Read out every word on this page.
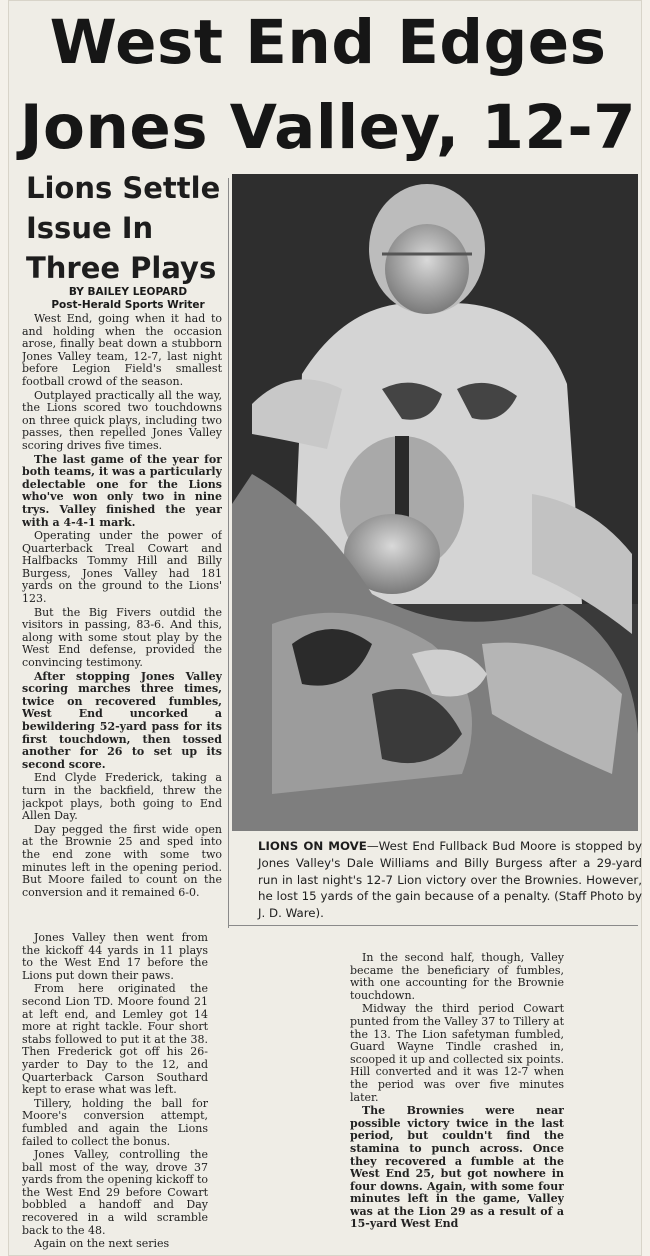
West End Edges
Jones Valley, 12-7
Lions Settle
Issue In
Three Plays
BY BAILEY LEOPARD
Post-Herald Sports Writer

West End, going when it had to and holding when the occasion arose, finally beat down a stubborn Jones Valley team, 12-7, last night before Legion Field's smallest football crowd of the season.

Outplayed practically all the way, the Lions scored two touchdowns on three quick plays, including two passes, then repelled Jones Valley scoring drives five times.

The last game of the year for both teams, it was a particularly delectable one for the Lions who've won only two in nine trys. Valley finished the year with a 4-4-1 mark.

Operating under the power of Quarterback Treal Cowart and Halfbacks Tommy Hill and Billy Burgess, Jones Valley had 181 yards on the ground to the Lions' 123.

But the Big Fivers outdid the visitors in passing, 83-6. And this, along with some stout play by the West End defense, provided the convincing testimony.

After stopping Jones Valley scoring marches three times, twice on recovered fumbles, West End uncorked a bewildering 52-yard pass for its first touchdown, then tossed another for 26 to set up its second score.

End Clyde Frederick, taking a turn in the backfield, threw the jackpot plays, both going to End Allen Day.

Day pegged the first wide open at the Brownie 25 and sped into the end zone with some two minutes left in the opening period. But Moore failed to count on the conversion and it remained 6-0.

LIONS ON MOVE—West End Fullback Bud Moore is stopped by Jones Valley's Dale Williams and Billy Burgess after a 29-yard run in last night's 12-7 Lion victory over the Brownies. However, he lost 15 yards of the gain because of a penalty. (Staff Photo by J. D. Ware).

Jones Valley then went from the kickoff 44 yards in 11 plays to the West End 17 before the Lions put down their paws.

From here originated the second Lion TD. Moore found 21 at left end, and Lemley got 14 more at right tackle. Four short stabs followed to put it at the 38. Then Frederick got off his 26-yarder to Day to the 12, and Quarterback Carson Southard kept to erase what was left.

Tillery, holding the ball for Moore's conversion attempt, fumbled and again the Lions failed to collect the bonus.

Jones Valley, controlling the ball most of the way, drove 37 yards from the opening kickoff to the West End 29 before Cowart bobbled a handoff and Day recovered in a wild scramble back to the 48.

Again on the next series

In the second half, though, Valley became the beneficiary of fumbles, with one accounting for the Brownie touchdown.

Midway the third period Cowart punted from the Valley 37 to Tillery at the 13. The Lion safetyman fumbled, Guard Wayne Tindle crashed in, scooped it up and collected six points. Hill converted and it was 12-7 when the period was over five minutes later.

The Brownies were near possible victory twice in the last period, but couldn't find the stamina to punch across. Once they recovered a fumble at the West End 25, but got nowhere in four downs. Again, with some four minutes left in the game, Valley was at the Lion 29 as a result of a 15-yard West End
